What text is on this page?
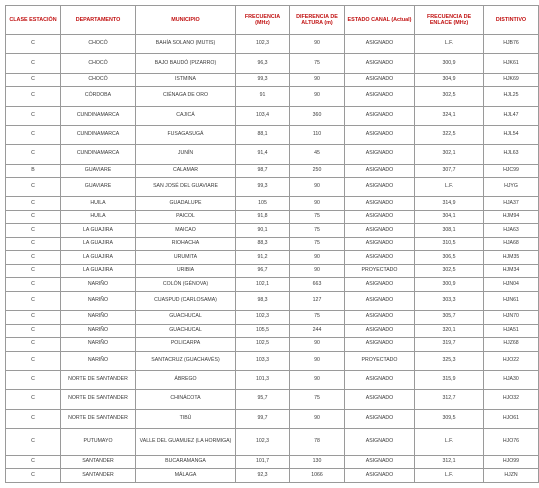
CLASE ESTACIÓN	DEPARTAMENTO	MUNICIPIO	FRECUENCIA (MHz)	DIFERENCIA DE ALTURA (m)	ESTADO CANAL (Actual)	FRECUENCIA DE ENLACE (MHz)	DISTINTIVO
C	CHOCÓ	BAHÍA SOLANO (MUTIS)	102,3	90	ASIGNADO	L.F.	HJB76
C	CHOCÓ	BAJO BAUDÓ (PIZARRO)	96,3	75	ASIGNADO	300,9	HJK61
C	CHOCÓ	ISTMINA	99,3	90	ASIGNADO	304,9	HJK69
C	CÓRDOBA	CIÉNAGA DE ORO	91	90	ASIGNADO	302,5	HJL25
C	CUNDINAMARCA	CAJICÁ	103,4	360	ASIGNADO	324,1	HJL47
C	CUNDINAMARCA	FUSAGASUGÁ	88,1	110	ASIGNADO	322,5	HJL54
C	CUNDINAMARCA	JUNÍN	91,4	45	ASIGNADO	302,1	HJL63
B	GUAVIARE	CALAMAR	98,7	250	ASIGNADO	307,7	HJC99
C	GUAVIARE	SAN JOSÉ DEL GUAVIARE	99,3	90	ASIGNADO	L.F.	HJYG
C	HUILA	GUADALUPE	105	90	ASIGNADO	314,9	HJA37
C	HUILA	PAICOL	91,8	75	ASIGNADO	304,1	HJM94
C	LA GUAJIRA	MAICAO	90,1	75	ASIGNADO	308,1	HJA63
C	LA GUAJIRA	RIOHACHA	88,3	75	ASIGNADO	310,5	HJA68
C	LA GUAJIRA	URUMITA	91,2	90	ASIGNADO	306,5	HJM35
C	LA GUAJIRA	URIBIA	96,7	90	PROYECTADO	302,5	HJM34
C	NARIÑO	COLÓN (GÉNOVA)	102,1	663	ASIGNADO	300,9	HJN04
C	NARIÑO	CUASPUD (CARLOSAMA)	98,3	127	ASIGNADO	303,3	HJN61
C	NARIÑO	GUACHUCAL	102,3	75	ASIGNADO	305,7	HJN70
C	NARIÑO	GUACHUCAL	105,5	244	ASIGNADO	320,1	HJA51
C	NARIÑO	POLICARPA	102,5	90	ASIGNADO	319,7	HJZ68
C	NARIÑO	SANTACRUZ (GUACHAVÉS)	103,3	90	PROYECTADO	325,3	HJO22
C	NORTE DE SANTANDER	ÁBREGO	101,3	90	ASIGNADO	315,9	HJA30
C	NORTE DE SANTANDER	CHINÁCOTA	95,7	75	ASIGNADO	312,7	HJO32
C	NORTE DE SANTANDER	TIBÚ	99,7	90	ASIGNADO	309,5	HJO61
C	PUTUMAYO	VALLE DEL GUAMUEZ (LA HORMIGA)	102,3	78	ASIGNADO	L.F.	HJO76
C	SANTANDER	BUCARAMANGA	101,7	130	ASIGNADO	312,1	HJO99
C	SANTANDER	MÁLAGA	92,3	1066	ASIGNADO	L.F.	HJZN
